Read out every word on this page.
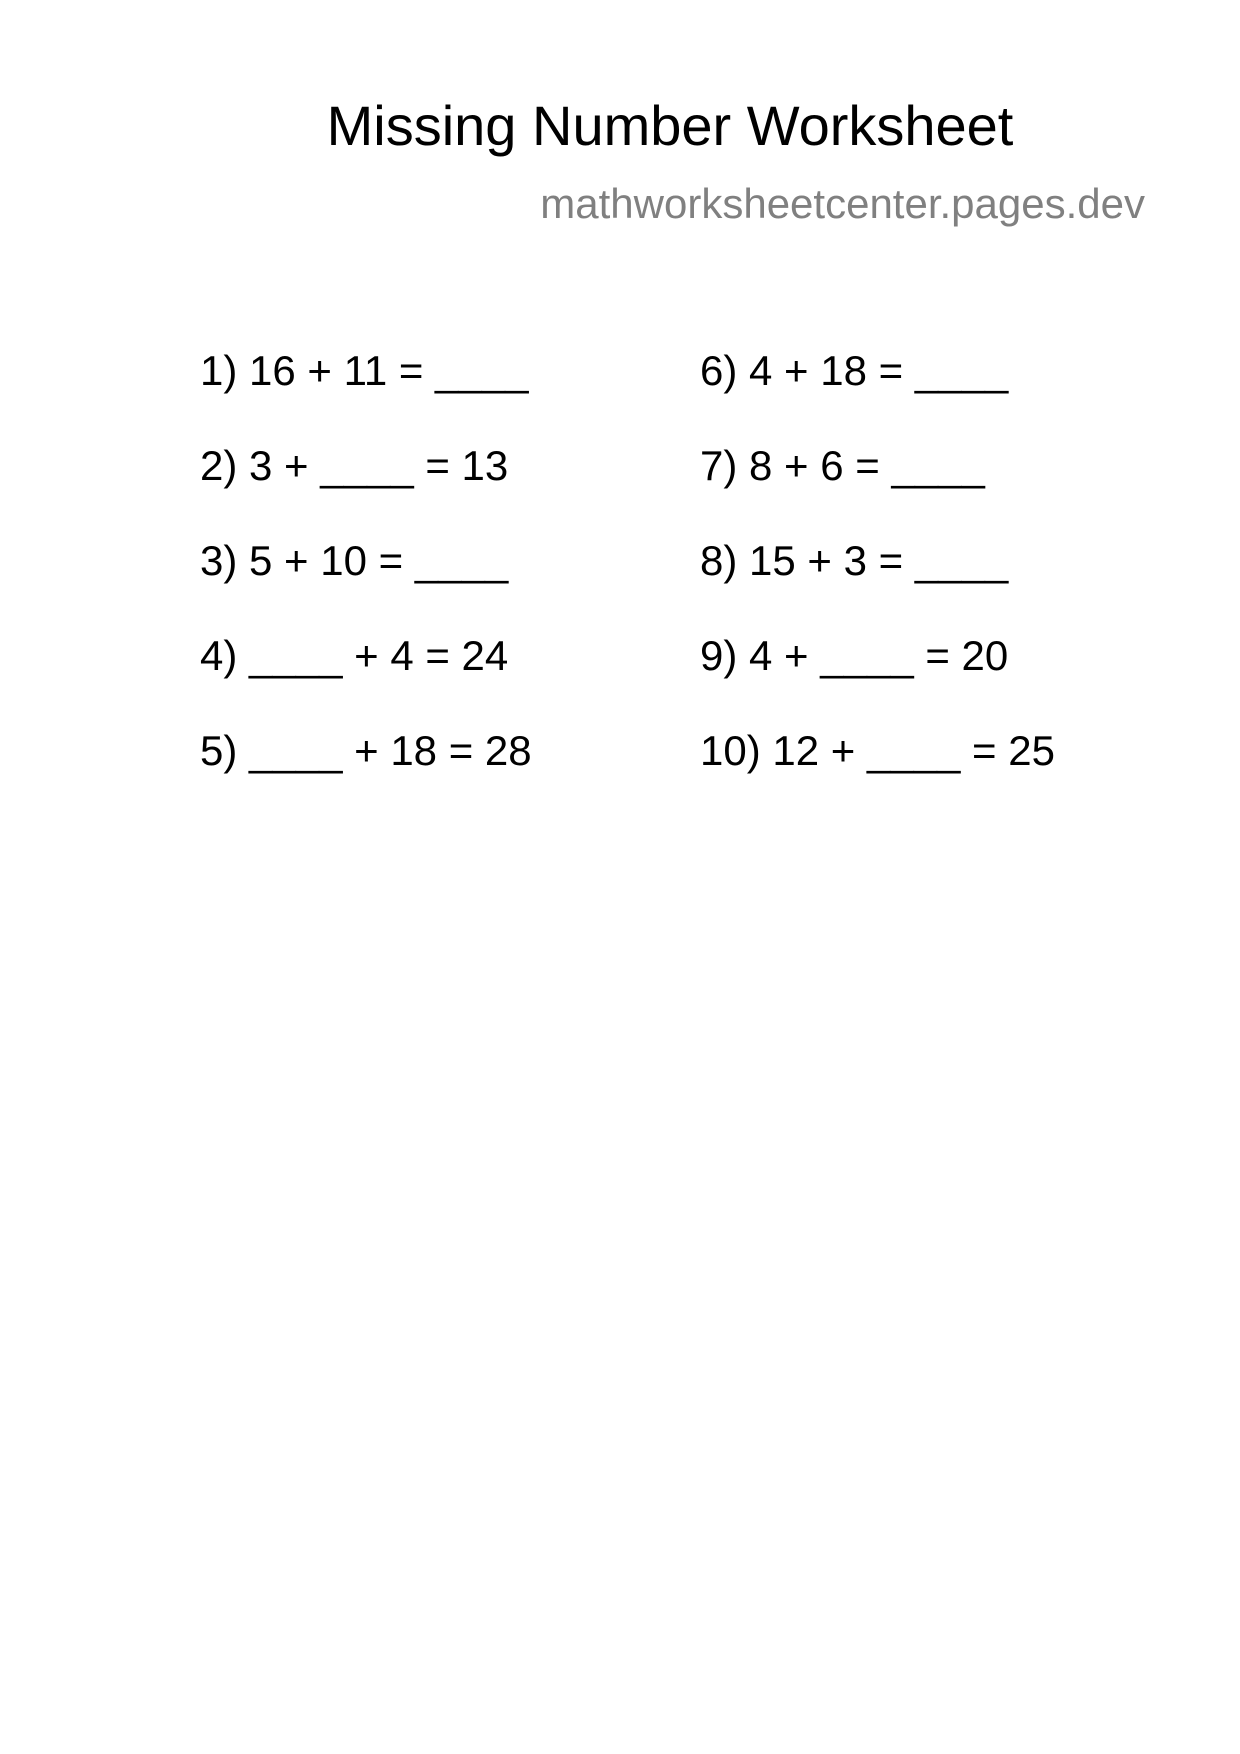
Missing Number Worksheet
mathworksheetcenter.pages.dev
1) 16 + 11 = ____
2) 3 + ____ = 13
3) 5 + 10 = ____
4) ____ + 4 = 24
5) ____ + 18 = 28
6) 4 + 18 = ____
7) 8 + 6 = ____
8) 15 + 3 = ____
9) 4 + ____ = 20
10) 12 + ____ = 25
